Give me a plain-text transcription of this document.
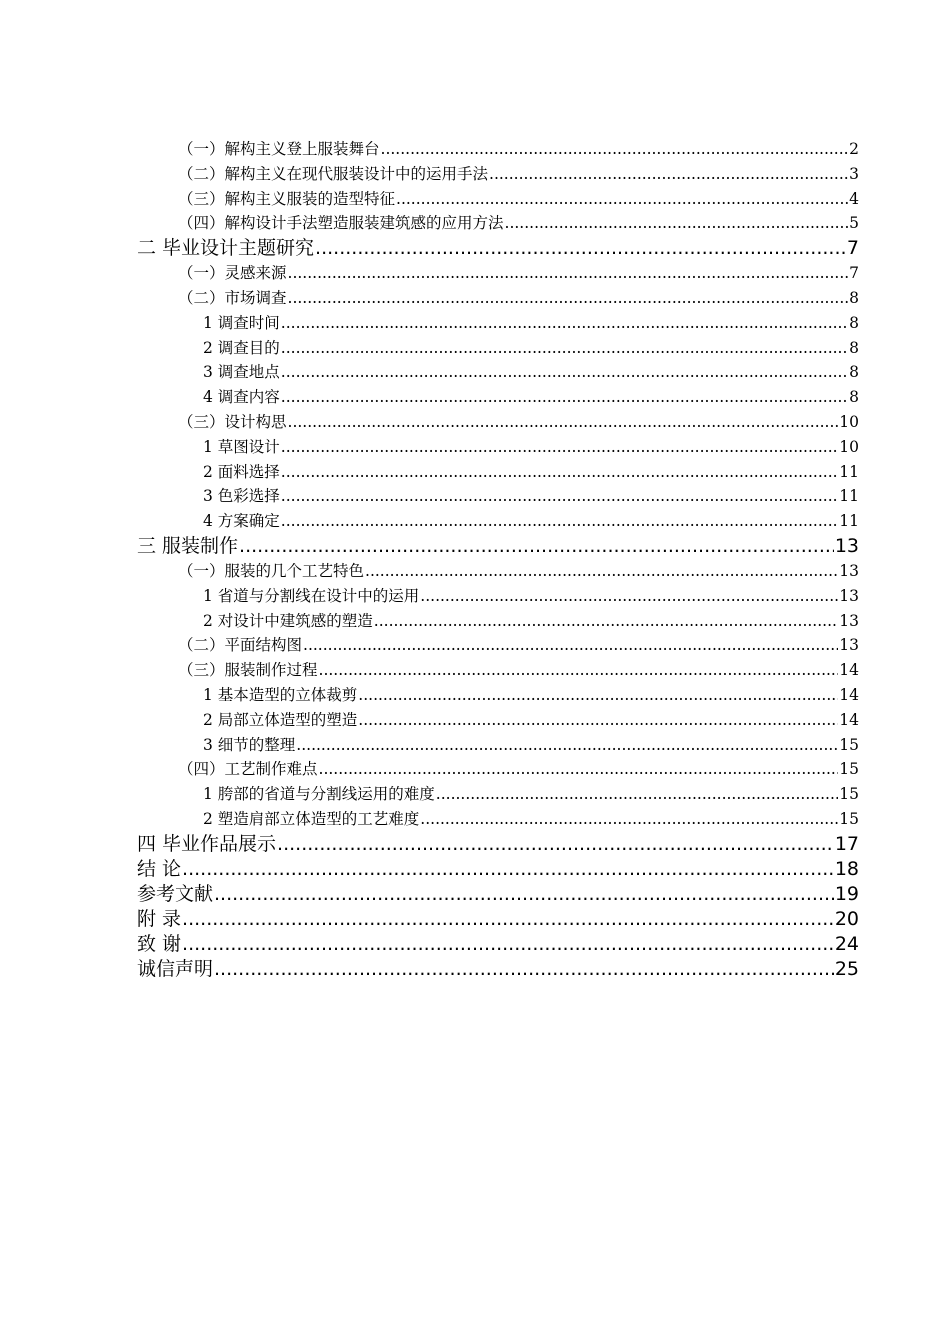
（一）解构主义登上服装舞台 .....	2
（二）解构主义在现代服装设计中的运用手法 .....	3
（三）解构主义服装的造型特征 .....	4
（四）解构设计手法塑造服装建筑感的应用方法 .....	5
二 毕业设计主题研究 .....	7
（一）灵感来源 .....	7
（二）市场调查 .....	8
1 调查时间 .....	8
2 调查目的 .....	8
3 调查地点 .....	8
4 调查内容 .....	8
（三）设计构思 .....	10
1 草图设计 .....	10
2 面料选择 .....	11
3 色彩选择 .....	11
4 方案确定 .....	11
三 服装制作 .....	13
（一）服装的几个工艺特色 .....	13
1 省道与分割线在设计中的运用 .....	13
2 对设计中建筑感的塑造 .....	13
（二）平面结构图 .....	13
（三）服装制作过程 .....	14
1 基本造型的立体裁剪 .....	14
2 局部立体造型的塑造 .....	14
3 细节的整理 .....	15
（四）工艺制作难点 .....	15
1 胯部的省道与分割线运用的难度 .....	15
2 塑造肩部立体造型的工艺难度 .....	15
四 毕业作品展示 .....	17
结 论 .....	18
参考文献 .....	19
附 录 .....	20
致 谢 .....	24
诚信声明 .....	25
